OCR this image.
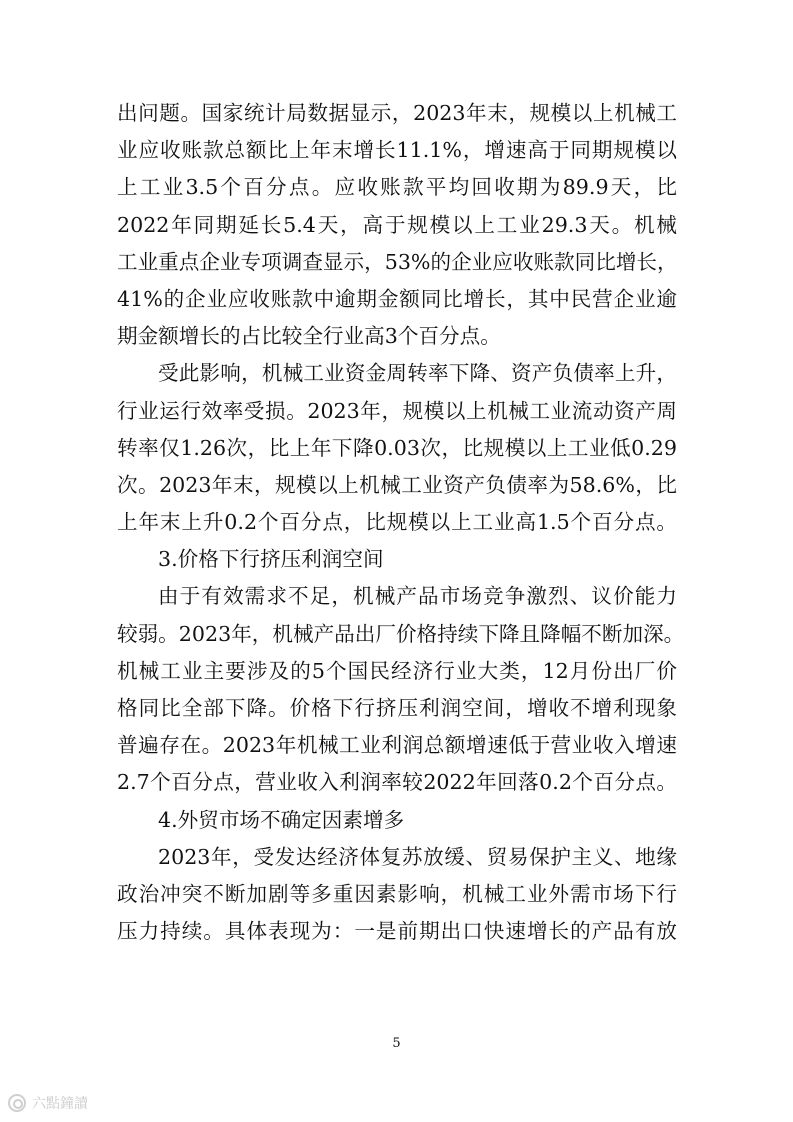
出问题。国家统计局数据显示，2023年末，规模以上机械工
业应收账款总额比上年末增长11.1%，增速高于同期规模以
上工业3.5个百分点。应收账款平均回收期为89.9天，比
2022年同期延长5.4天，高于规模以上工业29.3天。机械
工业重点企业专项调查显示，53%的企业应收账款同比增长，
41%的企业应收账款中逾期金额同比增长，其中民营企业逾
期金额增长的占比较全行业高3个百分点。
受此影响，机械工业资金周转率下降、资产负债率上升，
行业运行效率受损。2023年，规模以上机械工业流动资产周
转率仅1.26次，比上年下降0.03次，比规模以上工业低0.29
次。2023年末，规模以上机械工业资产负债率为58.6%，比
上年末上升0.2个百分点，比规模以上工业高1.5个百分点。
3.价格下行挤压利润空间
由于有效需求不足，机械产品市场竞争激烈、议价能力
较弱。2023年，机械产品出厂价格持续下降且降幅不断加深。
机械工业主要涉及的5个国民经济行业大类，12月份出厂价
格同比全部下降。价格下行挤压利润空间，增收不增利现象
普遍存在。2023年机械工业利润总额增速低于营业收入增速
2.7个百分点，营业收入利润率较2022年回落0.2个百分点。
4.外贸市场不确定因素增多
2023年，受发达经济体复苏放缓、贸易保护主义、地缘
政治冲突不断加剧等多重因素影响，机械工业外需市场下行
压力持续。具体表现为：一是前期出口快速增长的产品有放
5
六點鐘讀
